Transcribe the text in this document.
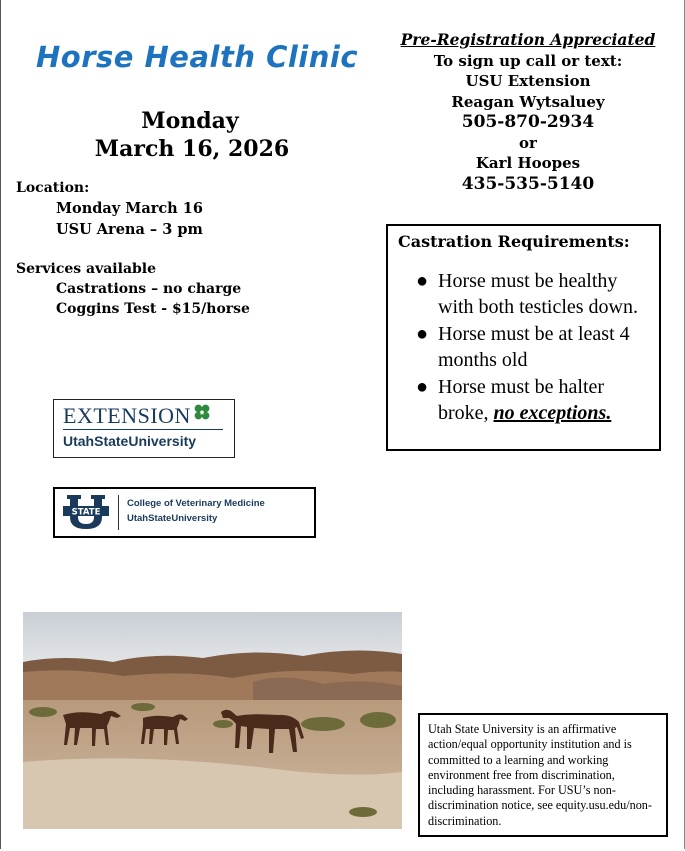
Horse Health Clinic
Monday
March 16, 2026
Location:
Monday March 16
USU Arena – 3 pm
Services available
Castrations – no charge
Coggins Test - $15/horse
Pre-Registration Appreciated
To sign up call or text:
USU Extension
Reagan Wytsaluey
505-870-2934
or
Karl Hoopes
435-535-5140
Castration Requirements:
● Horse must be healthy with both testicles down.
● Horse must be at least 4 months old
● Horse must be halter broke, no exceptions.
EXTENSION H
UtahStateUniversity
STATE
College of Veterinary Medicine
UtahStateUniversity
Utah State University is an affirmative action/equal opportunity institution and is committed to a learning and working environment free from discrimination, including harassment. For USU’s non-discrimination notice, see equity.usu.edu/non-discrimination.
